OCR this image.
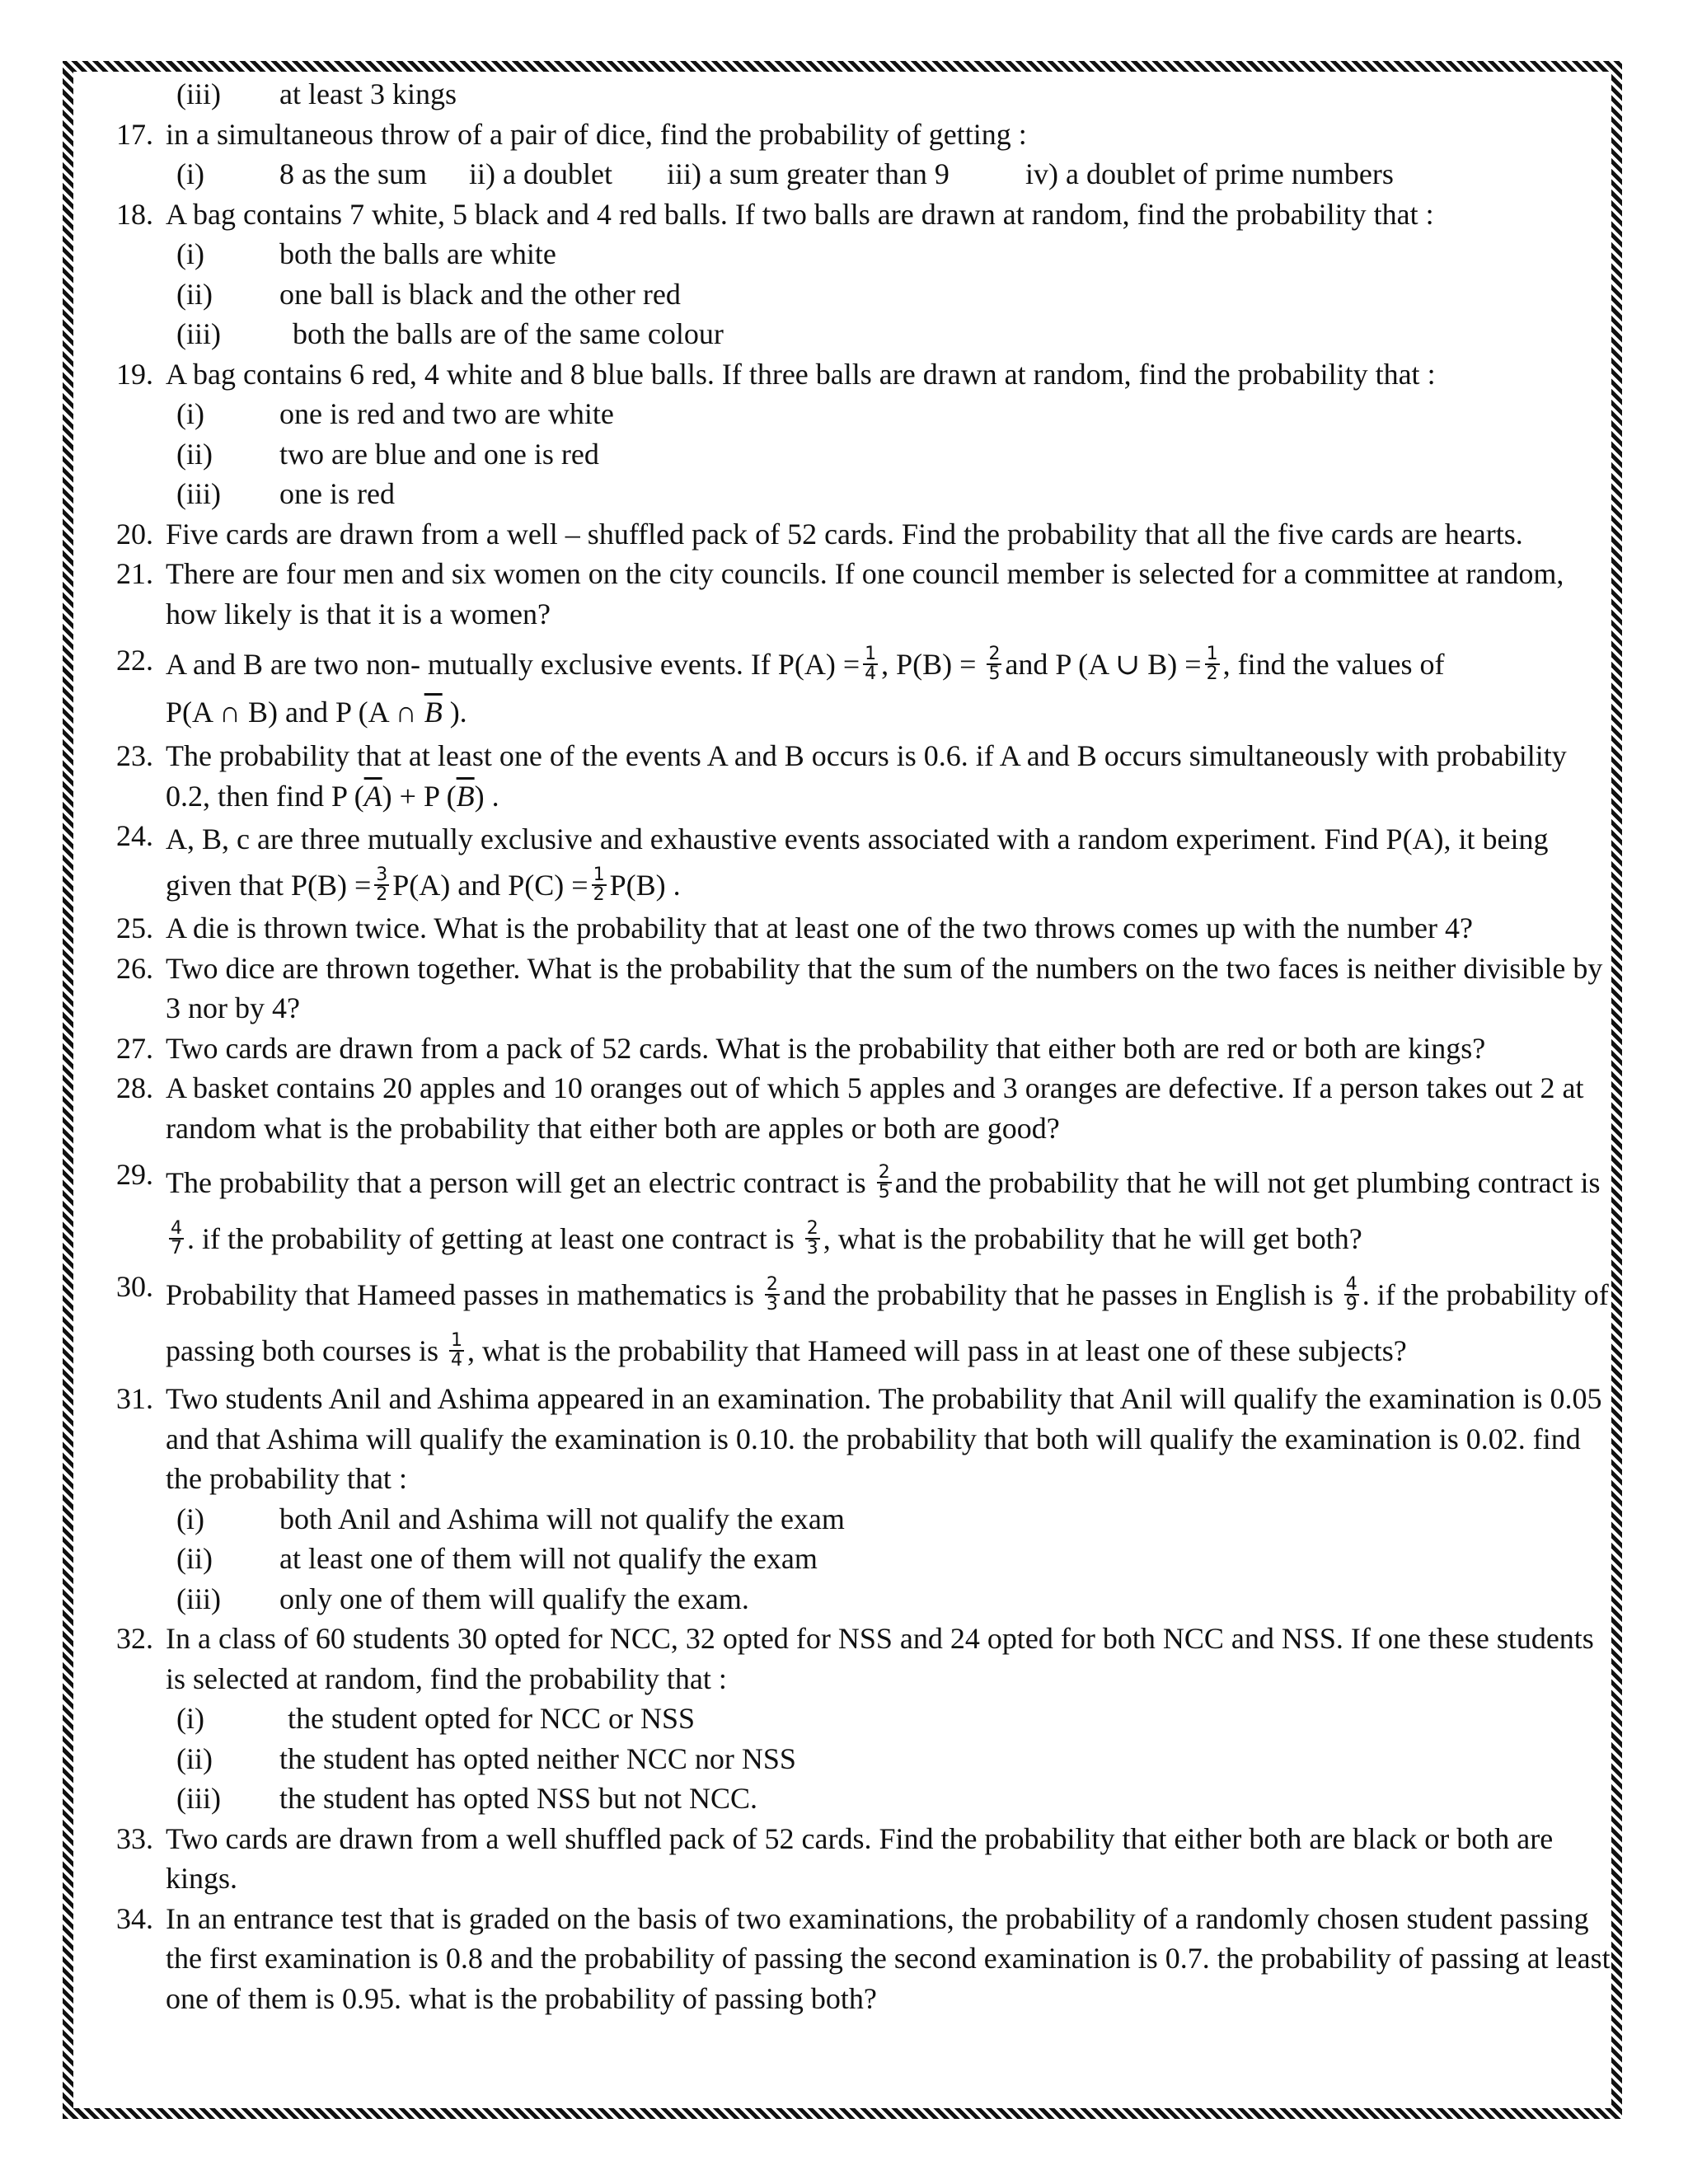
(iii)	at least 3 kings
17. in a simultaneous throw of a pair of dice, find the probability of getting :
(i)	8 as the sum	ii) a doublet	iii) a sum greater than 9	iv) a doublet of prime numbers
18. A bag contains 7 white, 5 black and 4 red balls. If two balls are drawn at random, find the probability that :
(i)	both the balls are white
(ii)	one ball is black and the other red
(iii)	both the balls are of the same colour
19. A bag contains 6 red, 4 white and 8 blue balls. If three balls are drawn at random, find the probability that :
(i)	one is red and two are white
(ii)	two are blue and one is red
(iii)	one is red
20. Five cards are drawn from a well – shuffled pack of 52 cards. Find the probability that all the five cards are hearts.
21. There are four men and six women on the city councils. If one council member is selected for a committee at random, how likely is that it is a women?
22. A and B are two non- mutually exclusive events. If $P(A) = \frac{1}{4}$ , $P(B) = \frac{2}{5}$ and P (A ∪ $B) = \frac{1}{2}$ , find the values of
P(A ∩ B) and P (A ∩ $\overline{B}$ ).
23. The probability that at least one of the events A and B occurs is 0.6. if A and B occurs simultaneously with probability 0.2, then find P $(\overline{A}) + P$ $(\overline{B})$ .
24. A, B, c are three mutually exclusive and exhaustive events associated with a random experiment. Find P(A), it being given that $P(B) = \frac{3}{2} P(A)$ and $P(C) = \frac{1}{2} P(B)$ .
25. A die is thrown twice. What is the probability that at least one of the two throws comes up with the number 4?
26. Two dice are thrown together. What is the probability that the sum of the numbers on the two faces is neither divisible by 3 nor by 4?
27. Two cards are drawn from a pack of 52 cards. What is the probability that either both are red or both are kings?
28. A basket contains 20 apples and 10 oranges out of which 5 apples and 3 oranges are defective. If a person takes out 2 at random what is the probability that either both are apples or both are good?
29. The probability that a person will get an electric contract is $\frac{2}{5}$ and the probability that he will not get plumbing contract is
$\frac{4}{7}$ . if the probability of getting at least one contract is $\frac{2}{3}$ , what is the probability that he will get both?
30. Probability that Hameed passes in mathematics is $\frac{2}{3}$ and the probability that he passes in English is $\frac{4}{9}$ . if the probability of passing both courses is $\frac{1}{4}$ , what is the probability that Hameed will pass in at least one of these subjects?
31. Two students Anil and Ashima appeared in an examination. The probability that Anil will qualify the examination is 0.05 and that Ashima will qualify the examination is 0.10. the probability that both will qualify the examination is 0.02. find the probability that :
(i)	both Anil and Ashima will not qualify the exam
(ii)	at least one of them will not qualify the exam
(iii)	only one of them will qualify the exam.
32. In a class of 60 students 30 opted for NCC, 32 opted for NSS and 24 opted for both NCC and NSS. If one these students is selected at random, find the probability that :
(i)	the student opted for NCC or NSS
(ii)	the student has opted neither NCC nor NSS
(iii)	the student has opted NSS but not NCC.
33. Two cards are drawn from a well shuffled pack of 52 cards. Find the probability that either both are black or both are kings.
34. In an entrance test that is graded on the basis of two examinations, the probability of a randomly chosen student passing the first examination is 0.8 and the probability of passing the second examination is 0.7. the probability of passing at least one of them is 0.95. what is the probability of passing both?
